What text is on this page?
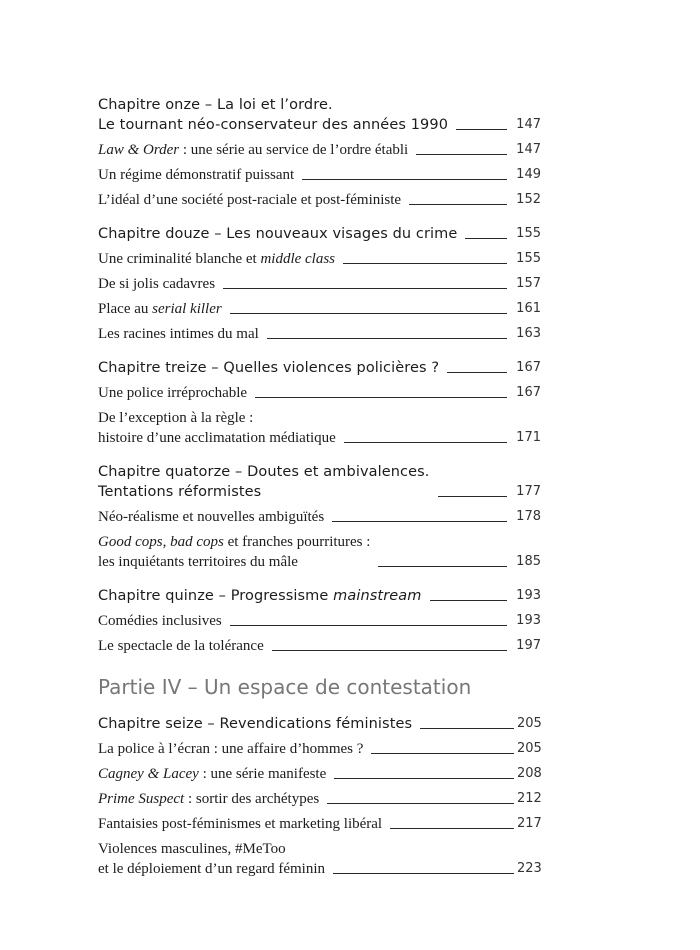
Chapitre onze – La loi et l’ordre.
Le tournant néo-conservateur des années 1990	147
Law & Order : une série au service de l’ordre établi	147
Un régime démonstratif puissant	149
L’idéal d’une société post-raciale et post-féministe	152
Chapitre douze – Les nouveaux visages du crime	155
Une criminalité blanche et middle class	155
De si jolis cadavres	157
Place au serial killer	161
Les racines intimes du mal	163
Chapitre treize – Quelles violences policières ?	167
Une police irréprochable	167
De l’exception à la règle :
histoire d’une acclimatation médiatique	171
Chapitre quatorze – Doutes et ambivalences.
Tentations réformistes	177
Néo-réalisme et nouvelles ambiguïtés	178
Good cops, bad cops et franches pourritures :
les inquiétants territoires du mâle	185
Chapitre quinze – Progressisme mainstream	193
Comédies inclusives	193
Le spectacle de la tolérance	197
Partie IV – Un espace de contestation
Chapitre seize – Revendications féministes	205
La police à l’écran : une affaire d’hommes ?	205
Cagney & Lacey : une série manifeste	208
Prime Suspect : sortir des archétypes	212
Fantaisies post-féminismes et marketing libéral	217
Violences masculines, #MeToo
et le déploiement d’un regard féminin	223
